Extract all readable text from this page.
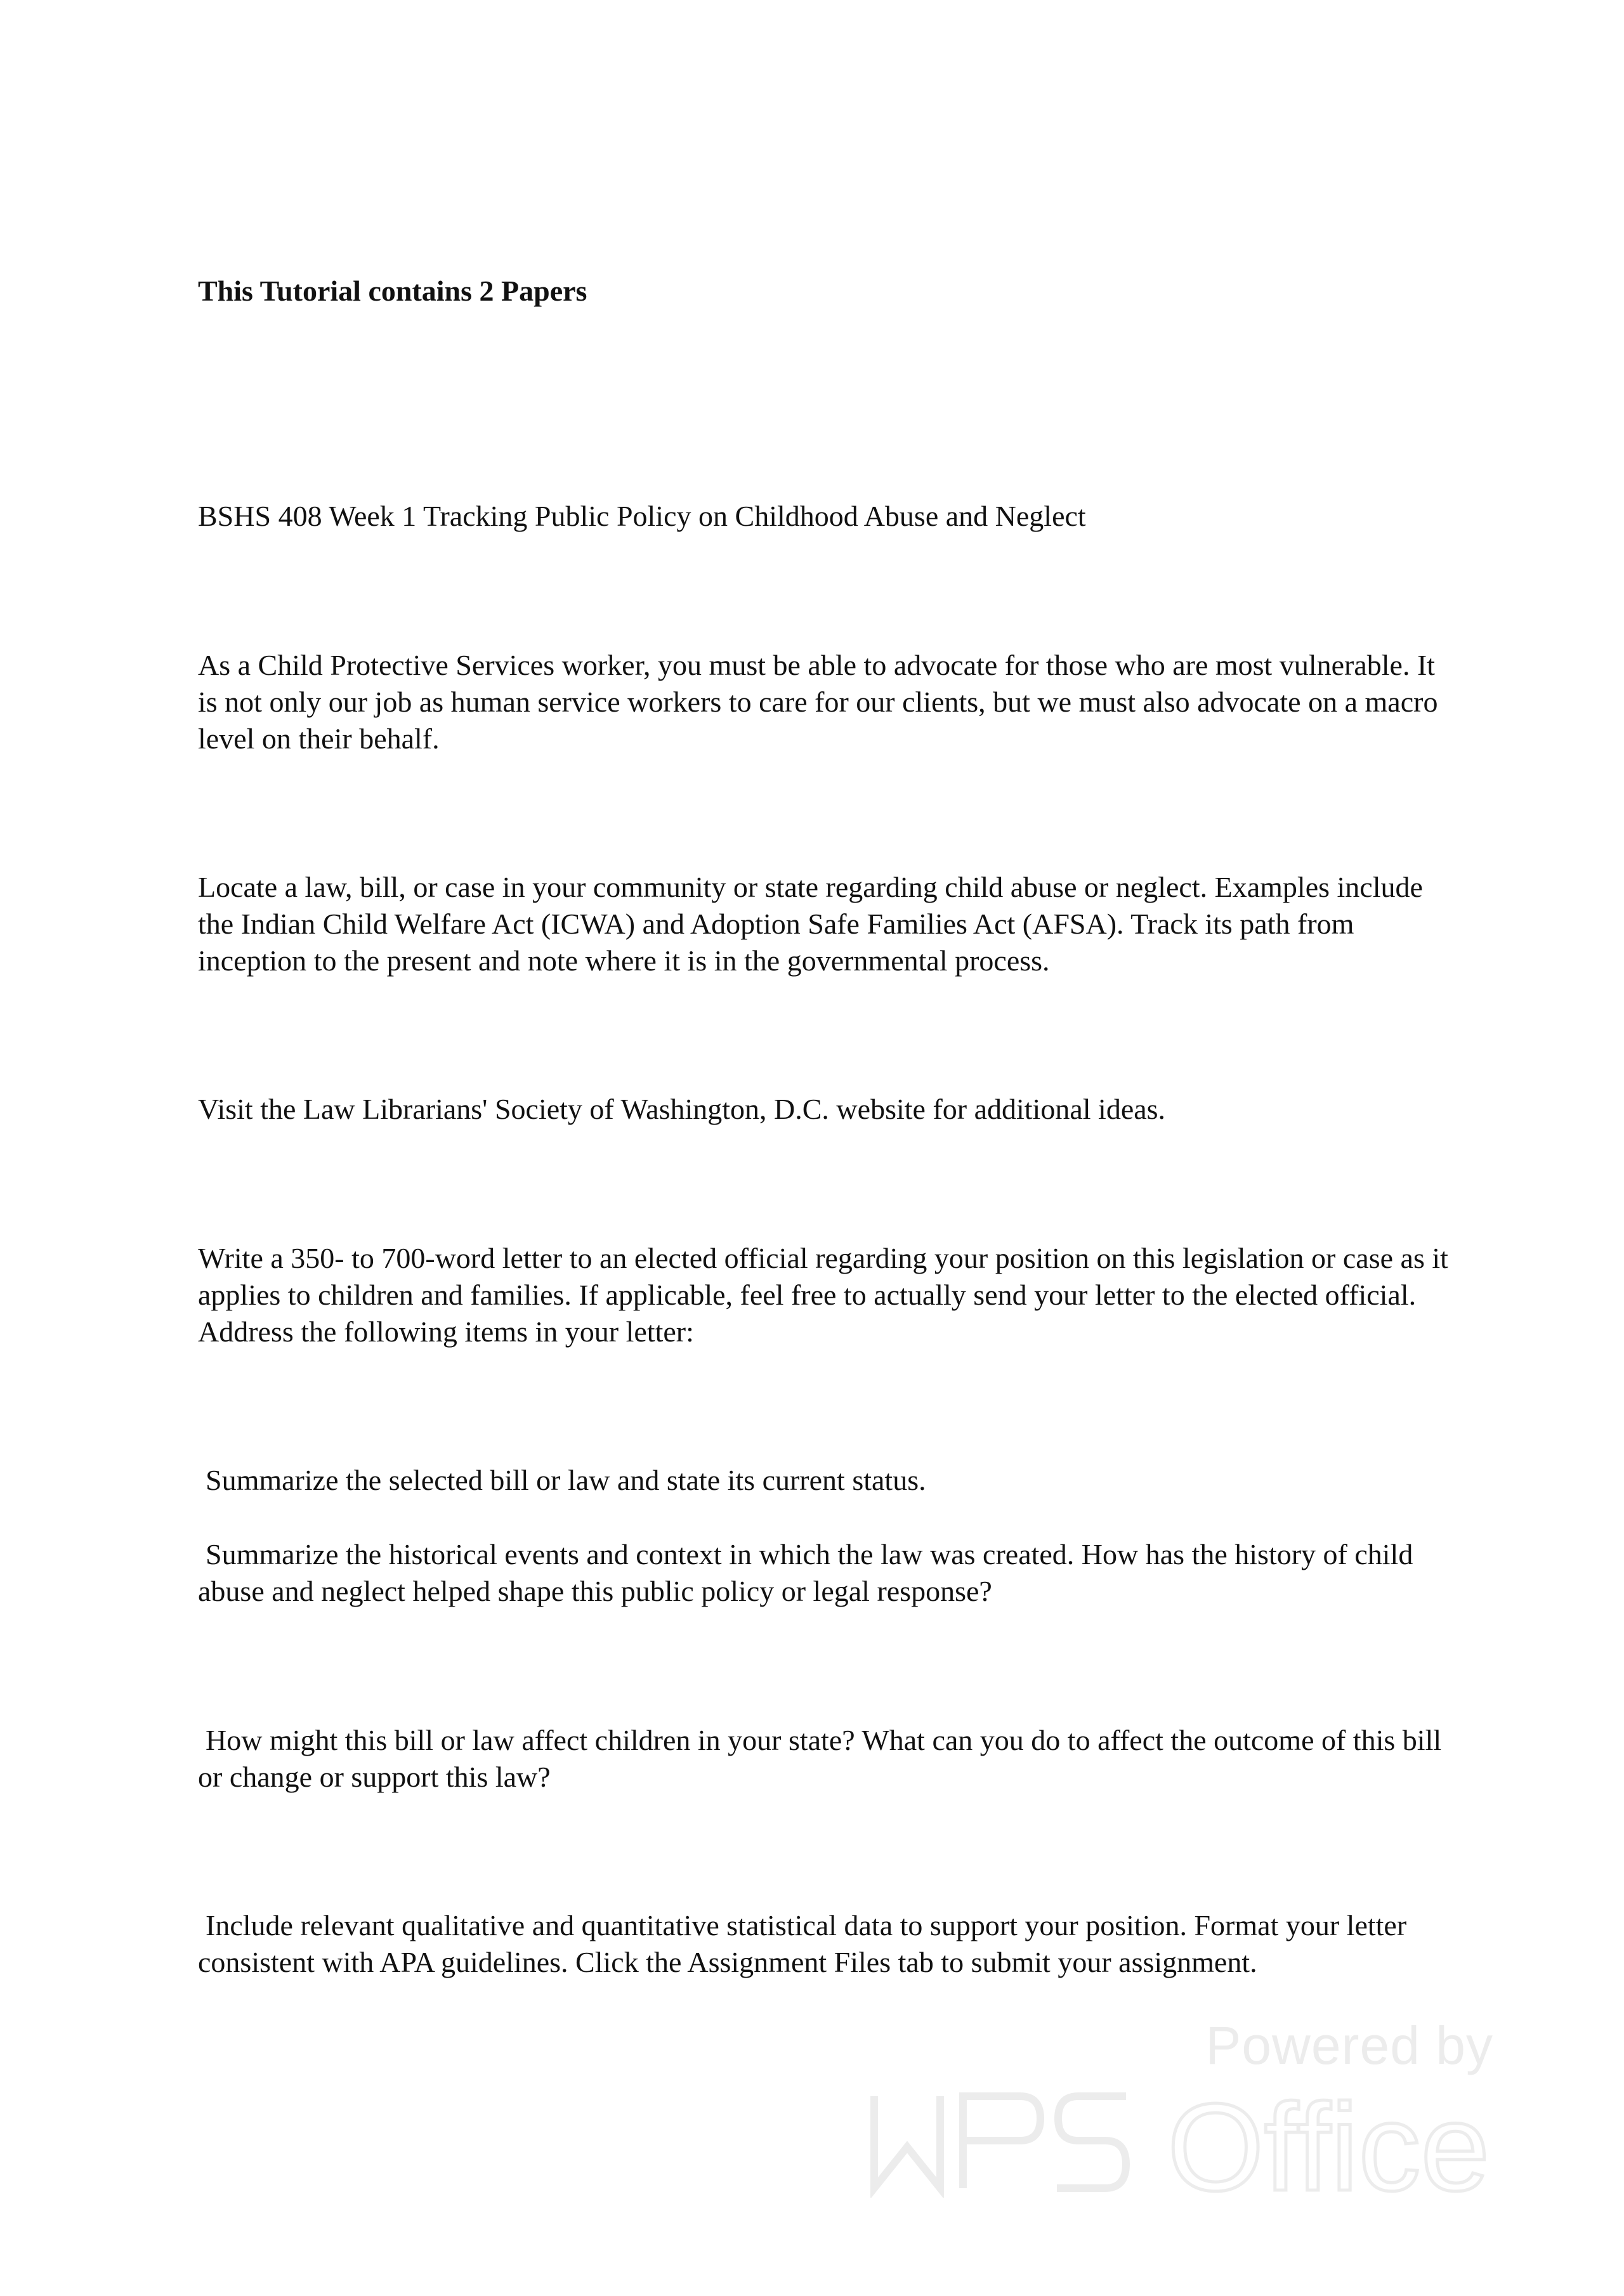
This Tutorial contains 2 Papers

BSHS 408 Week 1 Tracking Public Policy on Childhood Abuse and Neglect

As a Child Protective Services worker, you must be able to advocate for those who are most vulnerable. It is not only our job as human service workers to care for our clients, but we must also advocate on a macro level on their behalf.

Locate a law, bill, or case in your community or state regarding child abuse or neglect. Examples include the Indian Child Welfare Act (ICWA) and Adoption Safe Families Act (AFSA). Track its path from inception to the present and note where it is in the governmental process.

Visit the Law Librarians' Society of Washington, D.C. website for additional ideas.

Write a 350- to 700-word letter to an elected official regarding your position on this legislation or case as it applies to children and families. If applicable, feel free to actually send your letter to the elected official. Address the following items in your letter:

Summarize the selected bill or law and state its current status.

Summarize the historical events and context in which the law was created. How has the history of child abuse and neglect helped shape this public policy or legal response?

How might this bill or law affect children in your state? What can you do to affect the outcome of this bill or change or support this law?

Include relevant qualitative and quantitative statistical data to support your position. Format your letter consistent with APA guidelines. Click the Assignment Files tab to submit your assignment.

Powered by
Office
